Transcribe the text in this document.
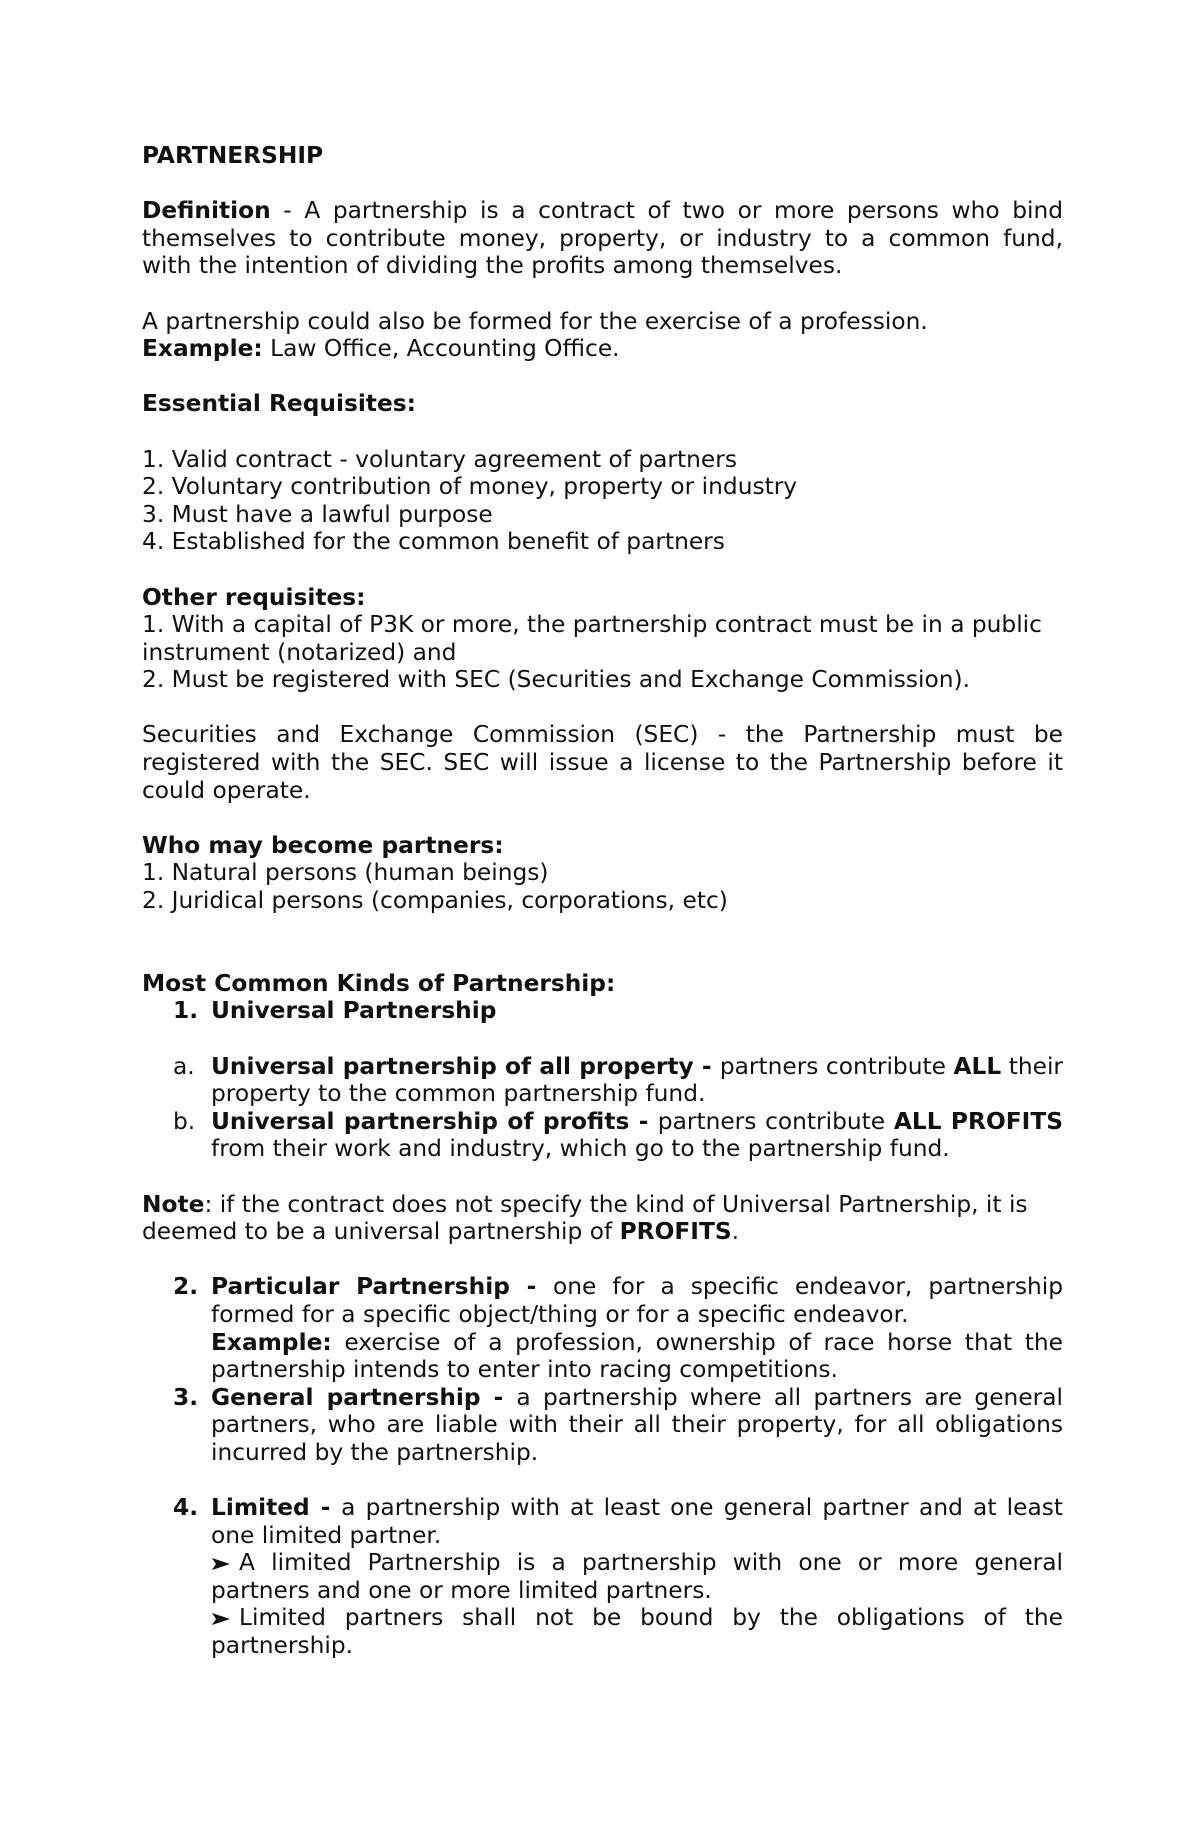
PARTNERSHIP

Definition - A partnership is a contract of two or more persons who bind themselves to contribute money, property, or industry to a common fund, with the intention of dividing the profits among themselves.

A partnership could also be formed for the exercise of a profession.

Example: Law Office, Accounting Office.

Essential Requisites:

1. Valid contract - voluntary agreement of partners

2. Voluntary contribution of money, property or industry

3. Must have a lawful purpose

4. Established for the common benefit of partners

Other requisites:

1. With a capital of P3K or more, the partnership contract must be in a public instrument (notarized) and

2. Must be registered with SEC (Securities and Exchange Commission).

Securities and Exchange Commission (SEC) - the Partnership must be registered with the SEC. SEC will issue a license to the Partnership before it could operate.

Who may become partners:

1. Natural persons (human beings)

2. Juridical persons (companies, corporations, etc)

Most Common Kinds of Partnership:

1. Universal Partnership
a. Universal partnership of all property - partners contribute ALL their property to the common partnership fund.
b. Universal partnership of profits - partners contribute ALL PROFITS from their work and industry, which go to the partnership fund.

Note: if the contract does not specify the kind of Universal Partnership, it is deemed to be a universal partnership of PROFITS.

2. Particular Partnership - one for a specific endeavor, partnership formed for a specific object/thing or for a specific endeavor.
Example: exercise of a profession, ownership of race horse that the partnership intends to enter into racing competitions.
3. General partnership - a partnership where all partners are general partners, who are liable with their all their property, for all obligations incurred by the partnership.
4. Limited - a partnership with at least one general partner and at least one limited partner.
A limited Partnership is a partnership with one or more general partners and one or more limited partners.
Limited partners shall not be bound by the obligations of the partnership.
